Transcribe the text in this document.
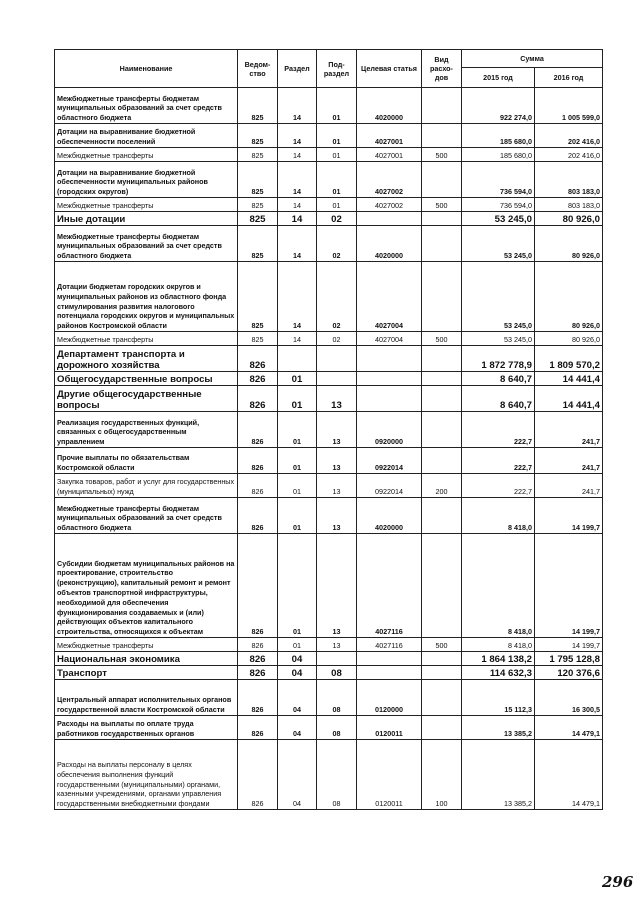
Наименование	Ведом-ство	Раздел	Под-раздел	Целевая статья	Вид расхо-дов	Сумма	
						2015 год	2016 год
Межбюджетные трансферты бюджетам муниципальных образований за счет средств областного бюджета	825	14	01	4020000		922 274,0	1 005 599,0
Дотации на выравнивание бюджетной обеспеченности поселений	825	14	01	4027001		185 680,0	202 416,0
Межбюджетные трансферты	825	14	01	4027001	500	185 680,0	202 416,0
Дотации на выравнивание бюджетной обеспеченности муниципальных районов (городских округов)	825	14	01	4027002		736 594,0	803 183,0
Межбюджетные трансферты	825	14	01	4027002	500	736 594,0	803 183,0
Иные дотации	825	14	02			53 245,0	80 926,0
Межбюджетные трансферты бюджетам муниципальных образований за счет средств областного бюджета	825	14	02	4020000		53 245,0	80 926,0
Дотации бюджетам городских округов и муниципальных районов из областного фонда стимулирования развития налогового потенциала городских округов и муниципальных районов Костромской области	825	14	02	4027004		53 245,0	80 926,0
Межбюджетные трансферты	825	14	02	4027004	500	53 245,0	80 926,0
Департамент транспорта и дорожного хозяйства	826					1 872 778,9	1 809 570,2
Общегосударственные вопросы	826	01				8 640,7	14 441,4
Другие общегосударственные вопросы	826	01	13			8 640,7	14 441,4
Реализация государственных функций, связанных с общегосударственным управлением	826	01	13	0920000		222,7	241,7
Прочие выплаты по обязательствам Костромской области	826	01	13	0922014		222,7	241,7
Закупка товаров, работ и услуг для государственных (муниципальных) нужд	826	01	13	0922014	200	222,7	241,7
Межбюджетные трансферты бюджетам муниципальных образований за счет средств областного бюджета	826	01	13	4020000		8 418,0	14 199,7
Субсидии бюджетам муниципальных районов на проектирование, строительство (реконструкцию), капитальный ремонт и ремонт объектов транспортной инфраструктуры, необходимой для обеспечения функционирования создаваемых и (или) действующих объектов капитального строительства, относящихся к объектам	826	01	13	4027116		8 418,0	14 199,7
Межбюджетные трансферты	826	01	13	4027116	500	8 418,0	14 199,7
Национальная экономика	826	04				1 864 138,2	1 795 128,8
Транспорт	826	04	08			114 632,3	120 376,6
Центральный аппарат исполнительных органов государственной власти Костромской области	826	04	08	0120000		15 112,3	16 300,5
Расходы на выплаты по оплате труда работников государственных органов	826	04	08	0120011		13 385,2	14 479,1
Расходы на выплаты персоналу в целях обеспечения выполнения функций государственными (муниципальными) органами, казенными учреждениями, органами управления государственными внебюджетными фондами	826	04	08	0120011	100	13 385,2	14 479,1
296
